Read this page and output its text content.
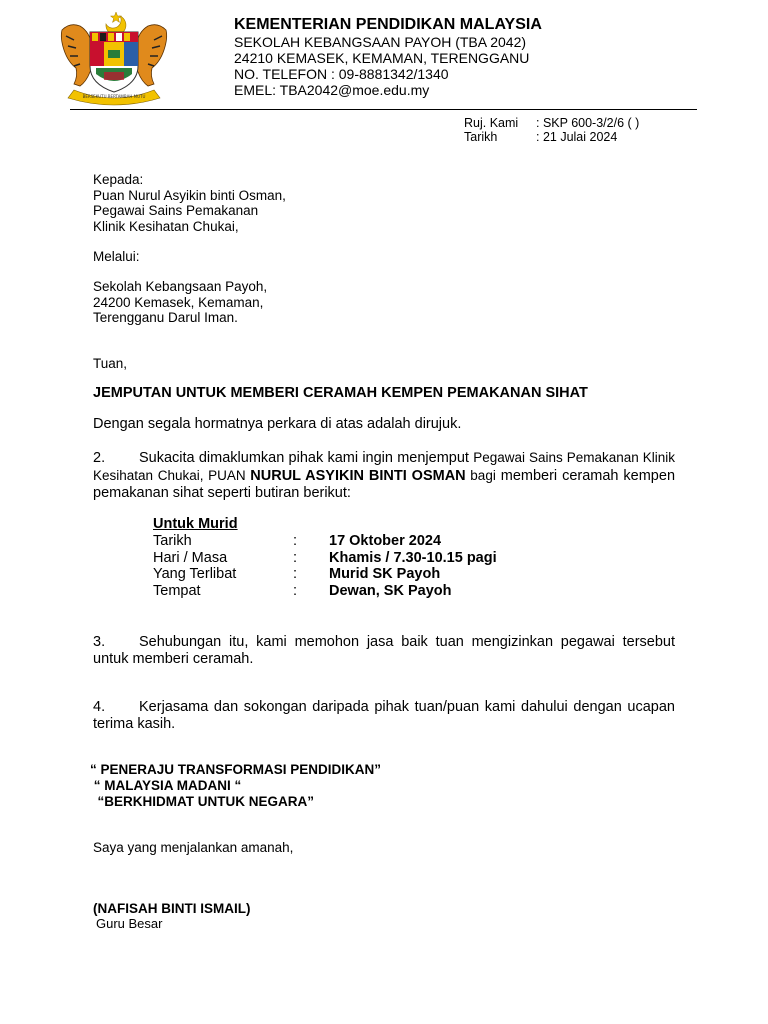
BERSEKUTU BERTAMBAH MUTU
KEMENTERIAN PENDIDIKAN MALAYSIA
SEKOLAH KEBANGSAAN PAYOH (TBA 2042)
24210 KEMASEK, KEMAMAN, TERENGGANU
NO. TELEFON : 09-8881342/1340
EMEL: TBA2042@moe.edu.my
Ruj. Kami	: SKP 600-3/2/6 ( )
Tarikh	: 21 Julai 2024
Kepada:
Puan Nurul Asyikin binti Osman,
Pegawai Sains Pemakanan
Klinik Kesihatan Chukai,
Melalui:
Sekolah Kebangsaan Payoh,
24200 Kemasek, Kemaman,
Terengganu Darul Iman.
Tuan,
JEMPUTAN UNTUK MEMBERI CERAMAH KEMPEN PEMAKANAN SIHAT
Dengan segala hormatnya perkara di atas adalah dirujuk.
2. Sukacita dimaklumkan pihak kami ingin menjemput Pegawai Sains Pemakanan Klinik Kesihatan Chukai, PUAN NURUL ASYIKIN BINTI OSMAN bagi memberi ceramah kempen pemakanan sihat seperti butiran berikut:
Untuk Murid
Tarikh	:	17 Oktober 2024
Hari / Masa	:	Khamis / 7.30-10.15 pagi
Yang Terlibat	:	Murid SK Payoh
Tempat	:	Dewan, SK Payoh
3. Sehubungan itu, kami memohon jasa baik tuan mengizinkan pegawai tersebut untuk memberi ceramah.
4. Kerjasama dan sokongan daripada pihak tuan/puan kami dahului dengan ucapan terima kasih.
“ PENERAJU TRANSFORMASI PENDIDIKAN”
“ MALAYSIA MADANI “
“BERKHIDMAT UNTUK NEGARA”
Saya yang menjalankan amanah,
(NAFISAH BINTI ISMAIL)
Guru Besar
